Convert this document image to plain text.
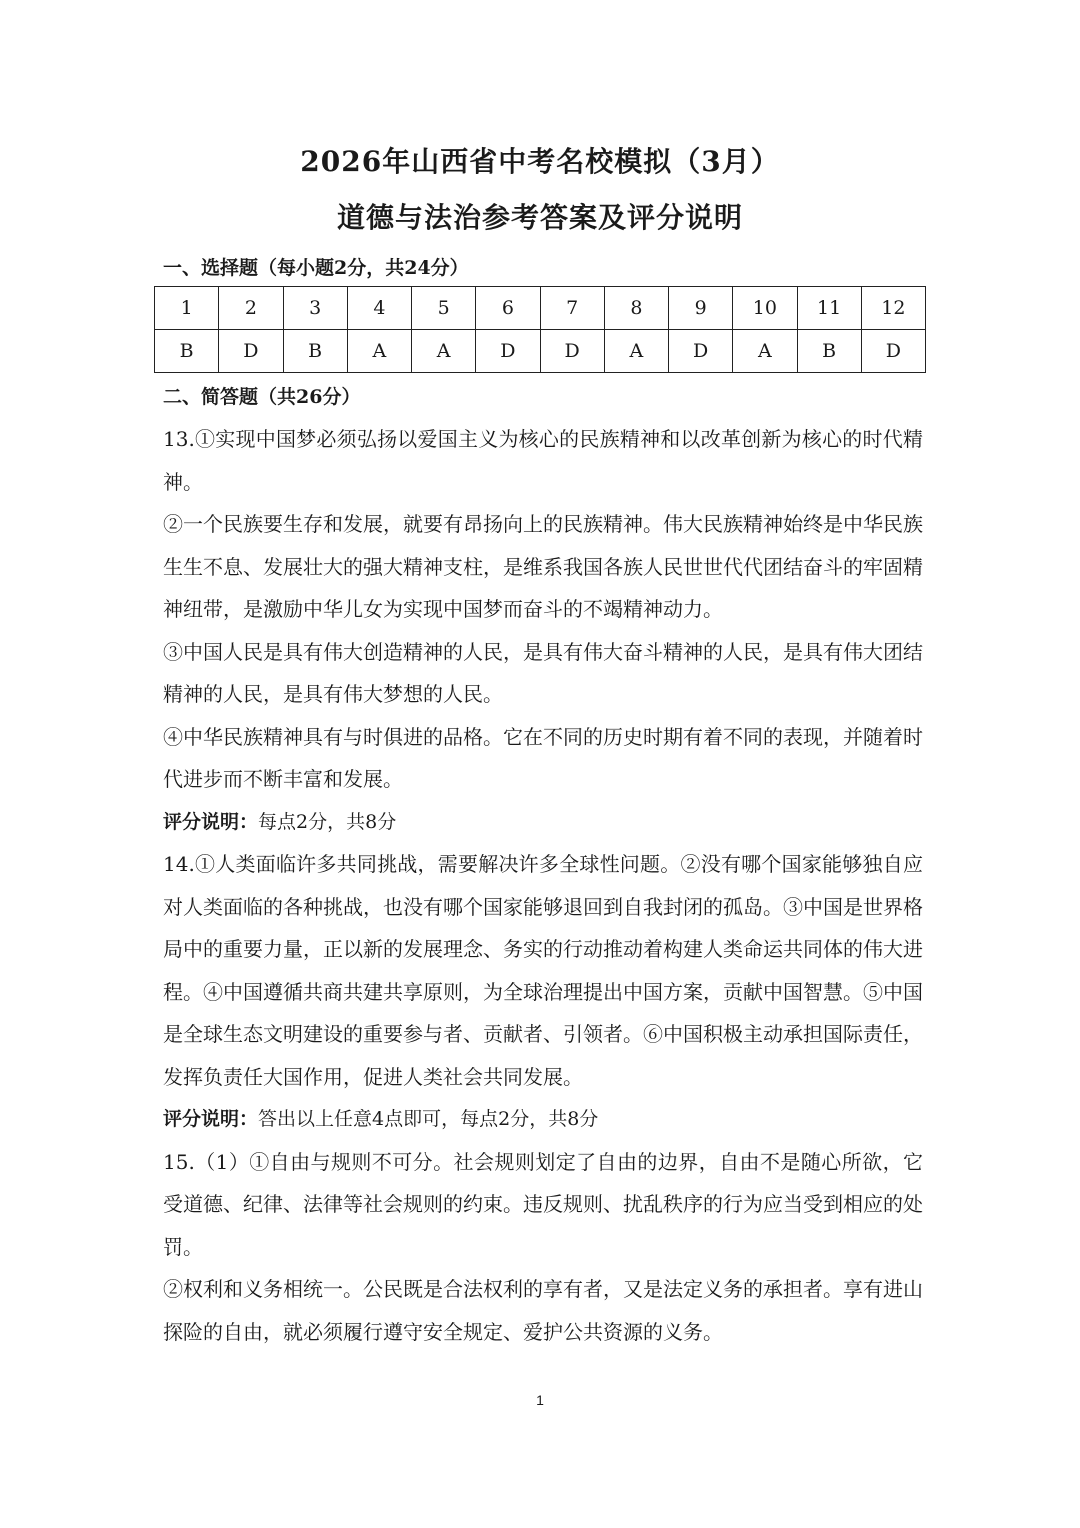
2026年山西省中考名校模拟（3月）
道德与法治参考答案及评分说明
一、选择题（每小题2分，共24分）
1	2	3	4	5	6	7	8	9	10	11	12
B	D	B	A	A	D	D	A	D	A	B	D
二、简答题（共26分）

13.①实现中国梦必须弘扬以爱国主义为核心的民族精神和以改革创新为核心的时代精神。

②一个民族要生存和发展，就要有昂扬向上的民族精神。伟大民族精神始终是中华民族生生不息、发展壮大的强大精神支柱，是维系我国各族人民世世代代团结奋斗的牢固精神纽带，是激励中华儿女为实现中国梦而奋斗的不竭精神动力。

③中国人民是具有伟大创造精神的人民，是具有伟大奋斗精神的人民，是具有伟大团结精神的人民，是具有伟大梦想的人民。

④中华民族精神具有与时俱进的品格。它在不同的历史时期有着不同的表现，并随着时代进步而不断丰富和发展。

评分说明：每点2分，共8分

14.①人类面临许多共同挑战，需要解决许多全球性问题。②没有哪个国家能够独自应对人类面临的各种挑战，也没有哪个国家能够退回到自我封闭的孤岛。③中国是世界格局中的重要力量，正以新的发展理念、务实的行动推动着构建人类命运共同体的伟大进程。④中国遵循共商共建共享原则，为全球治理提出中国方案，贡献中国智慧。⑤中国是全球生态文明建设的重要参与者、贡献者、引领者。⑥中国积极主动承担国际责任，发挥负责任大国作用，促进人类社会共同发展。

评分说明：答出以上任意4点即可，每点2分，共8分

15.（1）①自由与规则不可分。社会规则划定了自由的边界，自由不是随心所欲，它受道德、纪律、法律等社会规则的约束。违反规则、扰乱秩序的行为应当受到相应的处罚。

②权利和义务相统一。公民既是合法权利的享有者，又是法定义务的承担者。享有进山探险的自由，就必须履行遵守安全规定、爱护公共资源的义务。

1
